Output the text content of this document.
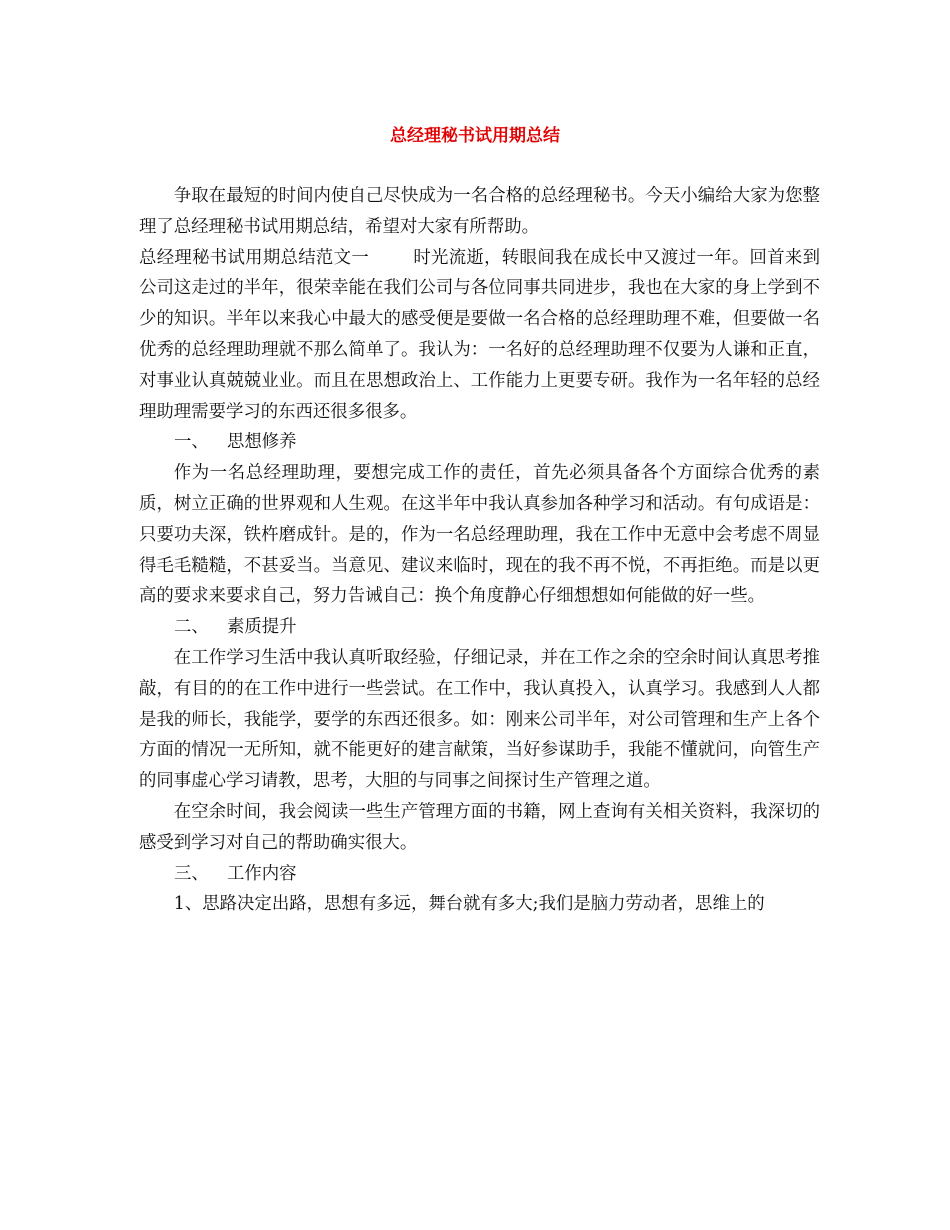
总经理秘书试用期总结

争取在最短的时间内使自己尽快成为一名合格的总经理秘书。今天小编给大家为您整理了总经理秘书试用期总结，希望对大家有所帮助。

总经理秘书试用期总结范文一	时光流逝，转眼间我在成长中又渡过一年。回首来到公司这走过的半年，很荣幸能在我们公司与各位同事共同进步，我也在大家的身上学到不少的知识。半年以来我心中最大的感受便是要做一名合格的总经理助理不难，但要做一名优秀的总经理助理就不那么简单了。我认为：一名好的总经理助理不仅要为人谦和正直，对事业认真兢兢业业。而且在思想政治上、工作能力上更要专研。我作为一名年轻的总经理助理需要学习的东西还很多很多。

一、 思想修养

作为一名总经理助理，要想完成工作的责任，首先必须具备各个方面综合优秀的素质，树立正确的世界观和人生观。在这半年中我认真参加各种学习和活动。有句成语是：只要功夫深，铁杵磨成针。是的，作为一名总经理助理，我在工作中无意中会考虑不周显得毛毛糙糙，不甚妥当。当意见、建议来临时，现在的我不再不悦，不再拒绝。而是以更高的要求来要求自己，努力告诫自己：换个角度静心仔细想想如何能做的好一些。

二、 素质提升

在工作学习生活中我认真听取经验，仔细记录，并在工作之余的空余时间认真思考推敲，有目的的在工作中进行一些尝试。在工作中，我认真投入，认真学习。我感到人人都是我的师长，我能学，要学的东西还很多。如：刚来公司半年，对公司管理和生产上各个方面的情况一无所知，就不能更好的建言献策，当好参谋助手，我能不懂就问，向管生产的同事虚心学习请教，思考，大胆的与同事之间探讨生产管理之道。

在空余时间，我会阅读一些生产管理方面的书籍，网上查询有关相关资料，我深切的感受到学习对自己的帮助确实很大。

三、 工作内容

1、思路决定出路，思想有多远，舞台就有多大;我们是脑力劳动者，思维上的
